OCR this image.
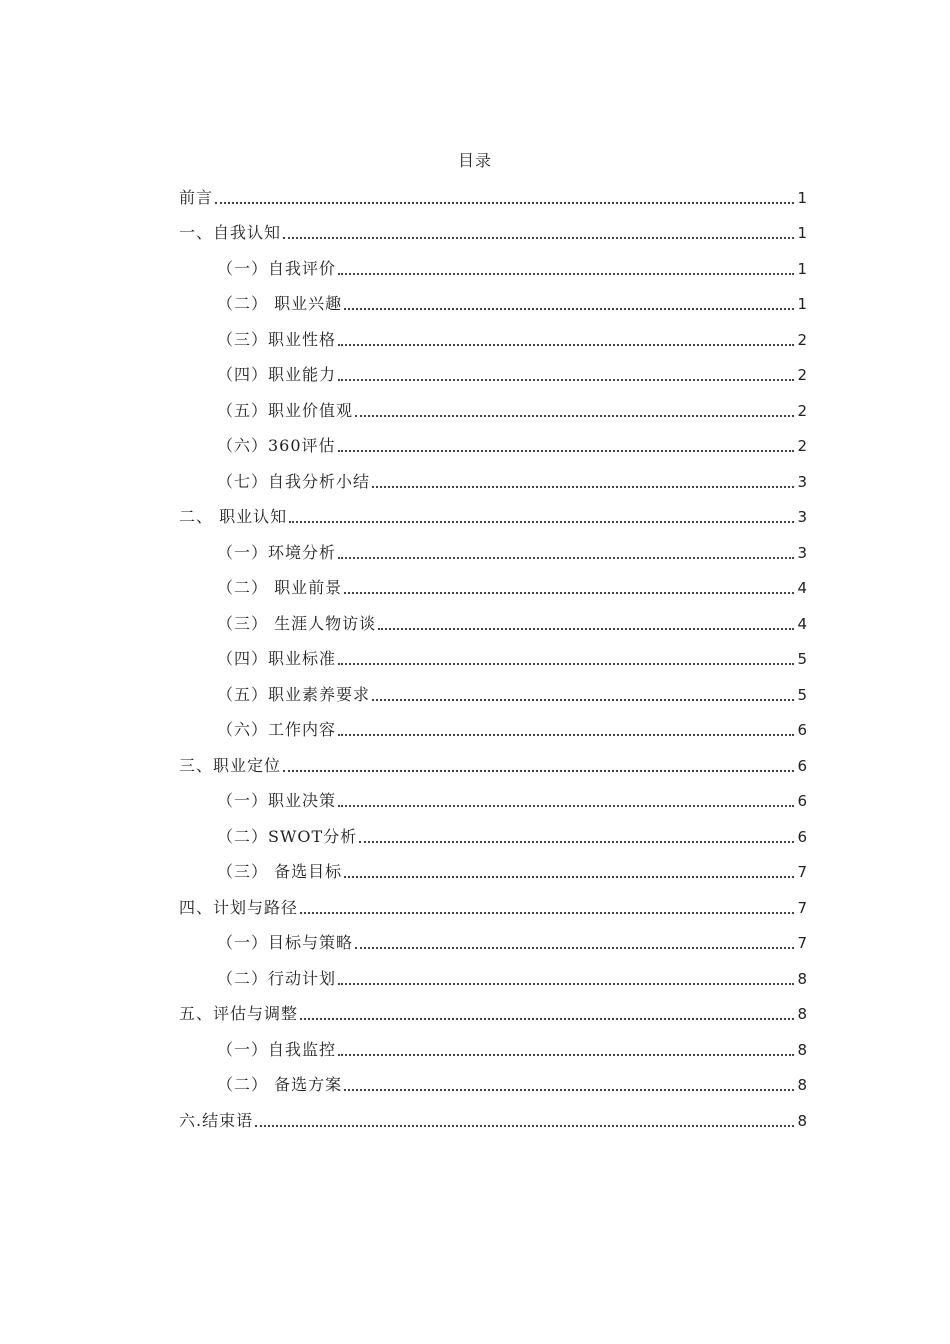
目录
前言	1
一、自我认知	1
（一）自我评价	1
（二） 职业兴趣	1
（三）职业性格	2
（四）职业能力	2
（五）职业价值观	2
（六）360评估	2
（七）自我分析小结	3
二、 职业认知	3
（一）环境分析	3
（二） 职业前景	4
（三） 生涯人物访谈	4
（四）职业标准	5
（五）职业素养要求	5
（六）工作内容	6
三、职业定位	6
（一）职业决策	6
（二）SWOT分析	6
（三） 备选目标	7
四、计划与路径	7
（一）目标与策略	7
（二）行动计划	8
五、评估与调整	8
（一）自我监控	8
（二） 备选方案	8
六.结束语	8
